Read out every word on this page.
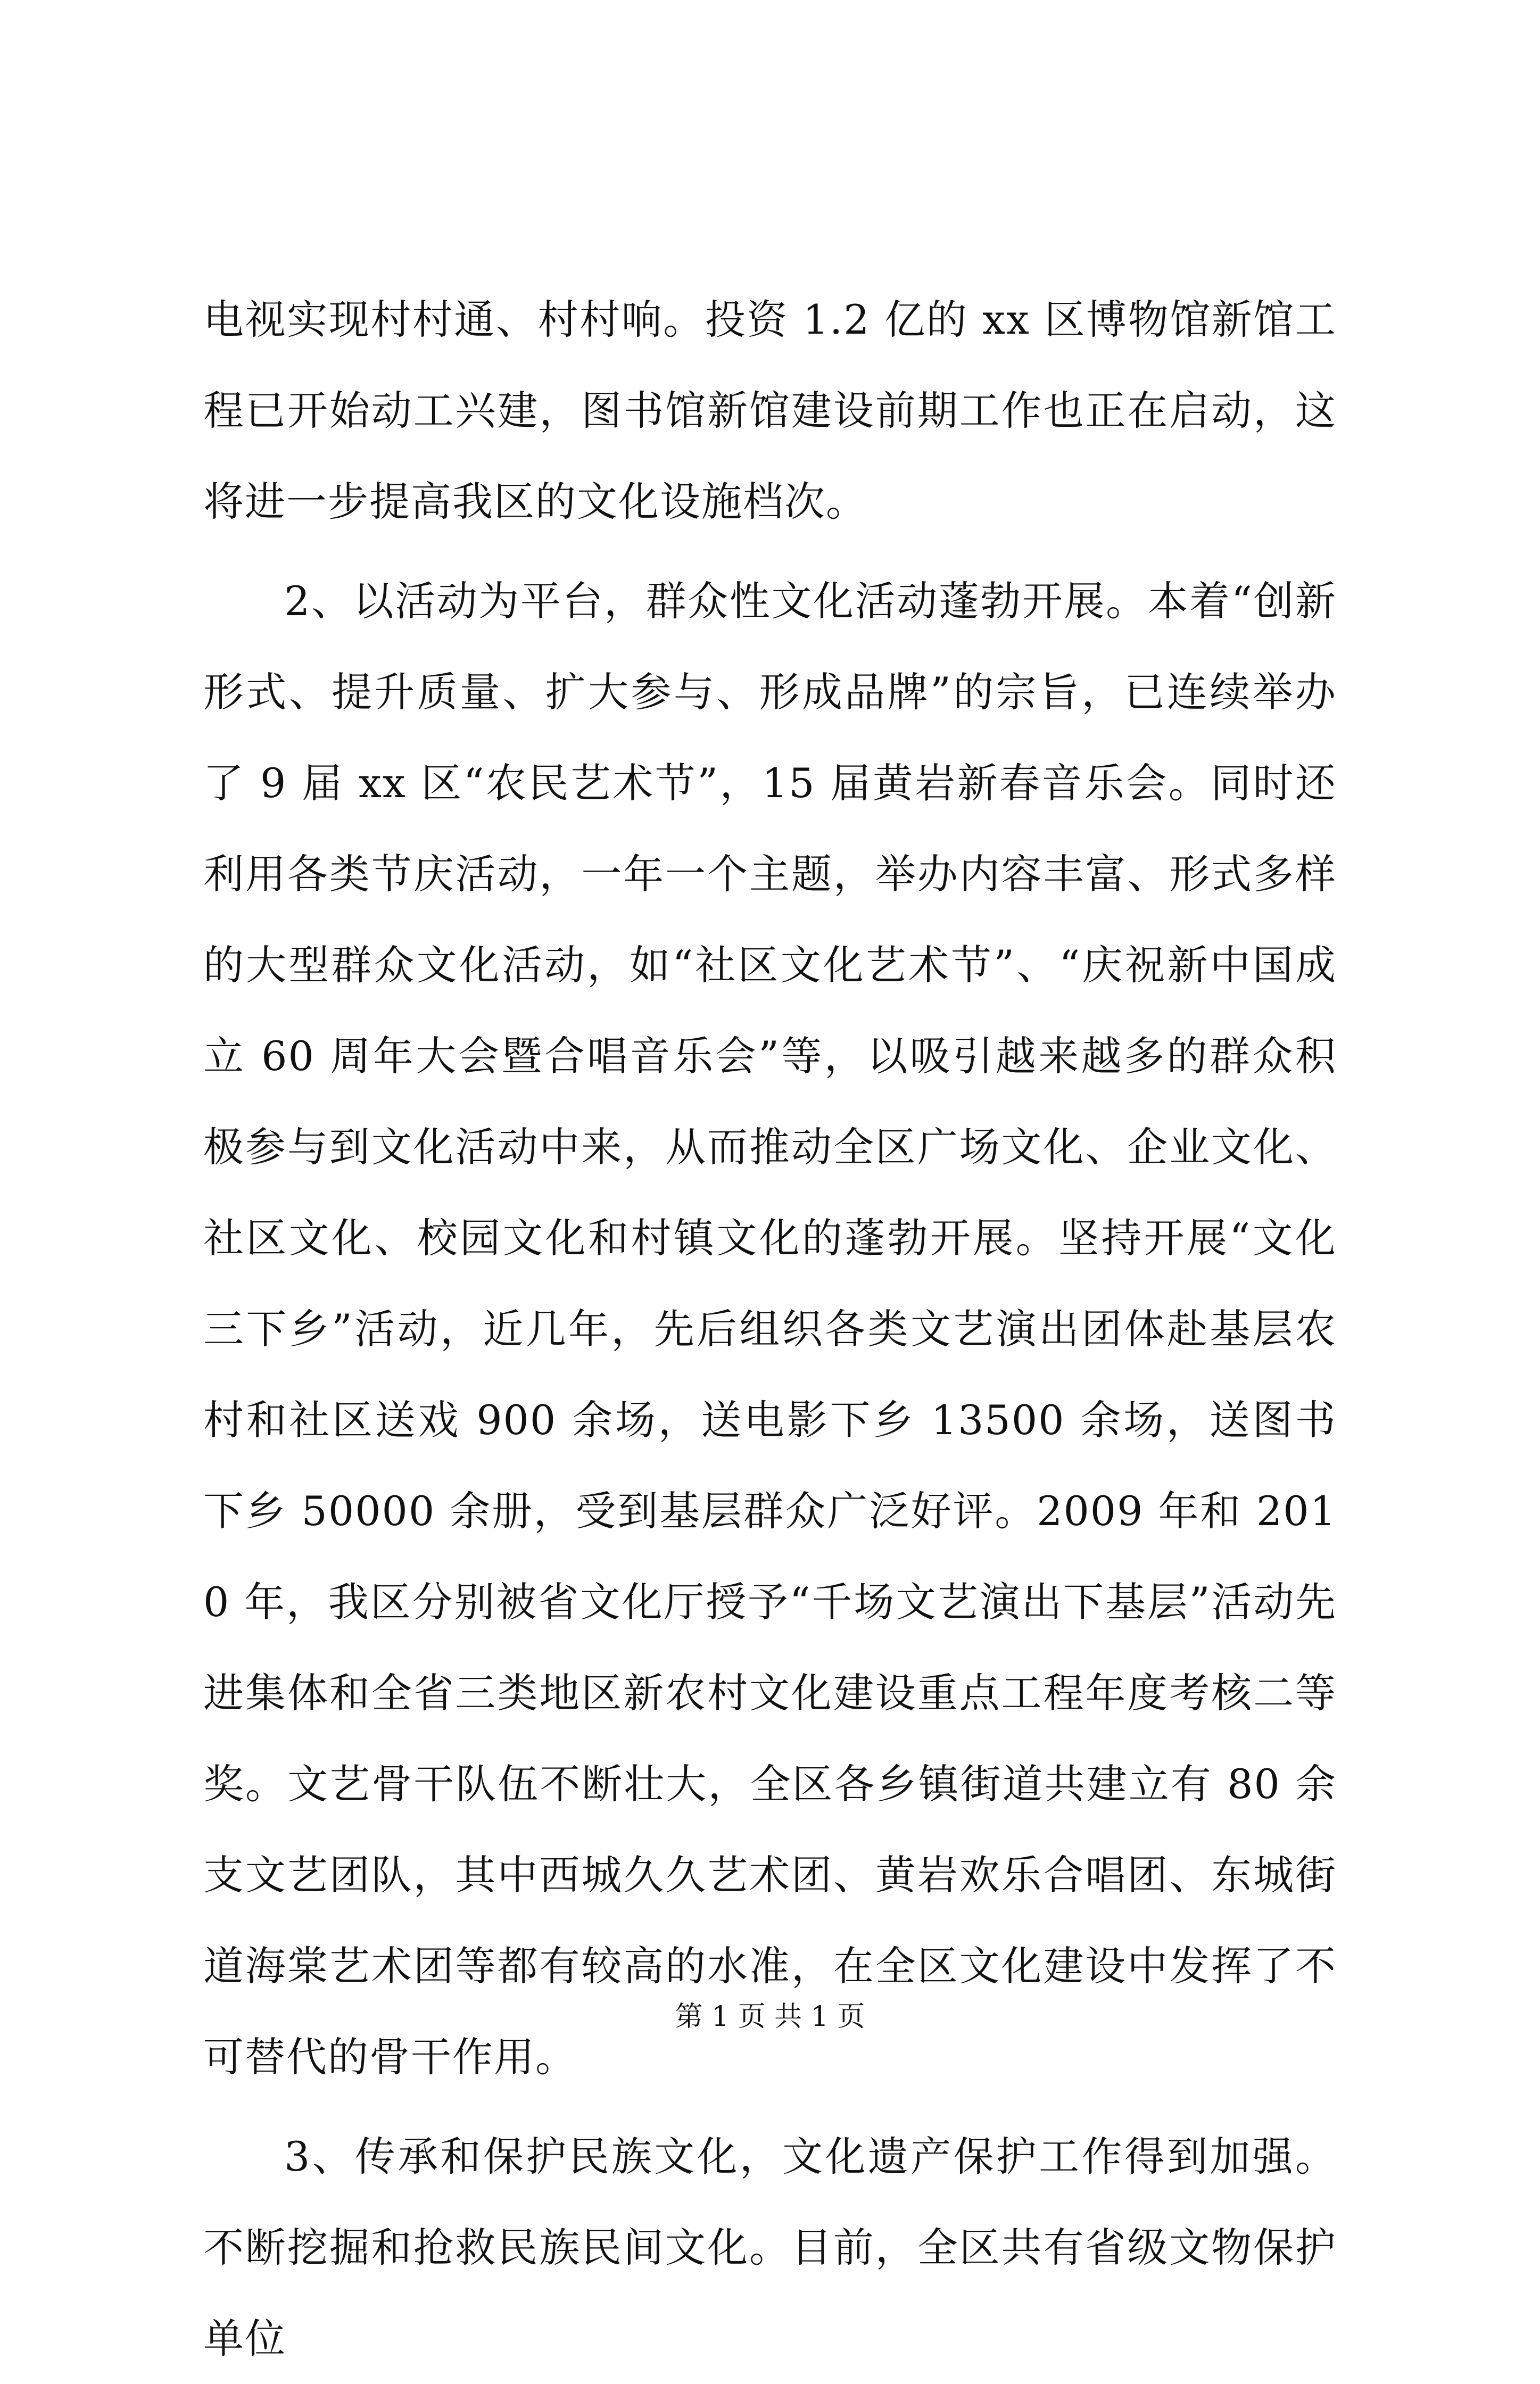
电视实现村村通、村村响。投资 1.2 亿的 xx 区博物馆新馆工程已开始动工兴建，图书馆新馆建设前期工作也正在启动，这将进一步提高我区的文化设施档次。

2、以活动为平台，群众性文化活动蓬勃开展。本着“创新形式、提升质量、扩大参与、形成品牌”的宗旨，已连续举办了 9 届 xx 区“农民艺术节”，15 届黄岩新春音乐会。同时还利用各类节庆活动，一年一个主题，举办内容丰富、形式多样的大型群众文化活动，如“社区文化艺术节”、“庆祝新中国成立 60 周年大会暨合唱音乐会”等，以吸引越来越多的群众积极参与到文化活动中来，从而推动全区广场文化、企业文化、社区文化、校园文化和村镇文化的蓬勃开展。坚持开展“文化三下乡”活动，近几年，先后组织各类文艺演出团体赴基层农村和社区送戏 900 余场，送电影下乡 13500 余场，送图书下乡 50000 余册，受到基层群众广泛好评。2009 年和 2010 年，我区分别被省文化厅授予“千场文艺演出下基层”活动先进集体和全省三类地区新农村文化建设重点工程年度考核二等奖。文艺骨干队伍不断壮大，全区各乡镇街道共建立有 80 余支文艺团队，其中西城久久艺术团、黄岩欢乐合唱团、东城街道海棠艺术团等都有较高的水准，在全区文化建设中发挥了不可替代的骨干作用。

3、传承和保护民族文化，文化遗产保护工作得到加强。不断挖掘和抢救民族民间文化。目前，全区共有省级文物保护单位

第 1 页 共 1 页
